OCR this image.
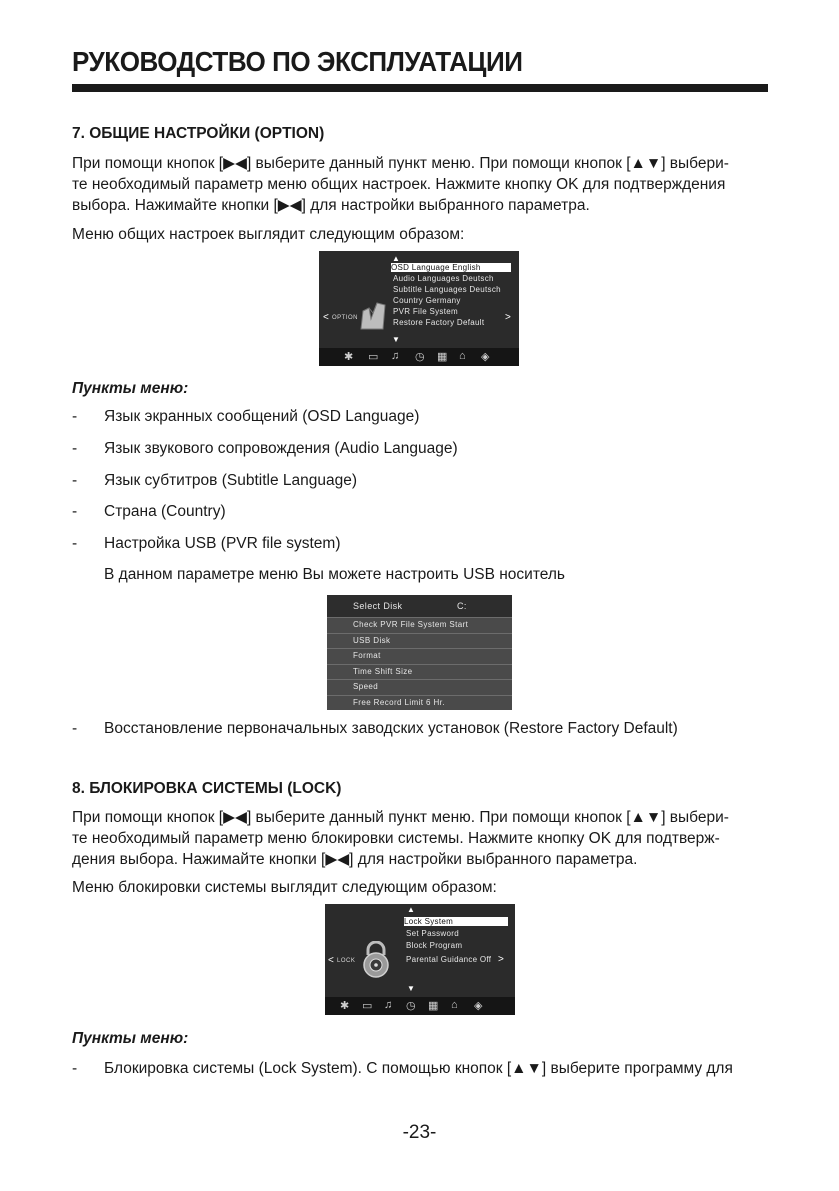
РУКОВОДСТВО ПО ЭКСПЛУАТАЦИИ
7. ОБЩИЕ НАСТРОЙКИ (OPTION)
При помощи кнопок [▶◀] выберите данный пункт меню. При помощи кнопок [▲▼] выбери-
те необходимый параметр меню общих настроек. Нажмите кнопку OK для подтверждения
выбора. Нажимайте кнопки [▶◀] для настройки выбранного параметра.
Меню общих настроек выглядит следующим образом:
▲
OSD Language English
Audio Languages Deutsch
Subtitle Languages Deutsch
Country Germany
PVR File System
Restore Factory Default
▼
< OPTION	>
✱ ▭ ♫ ◷ ▦ ⌂ ◈
Пункты меню:
- Язык экранных сообщений (OSD Language)
- Язык звукового сопровождения (Audio Language)
- Язык субтитров (Subtitle Language)
- Страна (Country)
- Настройка USB (PVR file system)
В данном параметре меню Вы можете настроить USB носитель
Select Disk	C:
Check PVR File System Start
USB Disk
Format
Time Shift Size
Speed
Free Record Limit 6 Hr.
- Восстановление первоначальных заводских установок (Restore Factory Default)
8. БЛОКИРОВКА СИСТЕМЫ (LOCK)
При помощи кнопок [▶◀] выберите данный пункт меню. При помощи кнопок [▲▼] выбери-
те необходимый параметр меню блокировки системы. Нажмите кнопку OK для подтверж-
дения выбора. Нажимайте кнопки [▶◀] для настройки выбранного параметра.
Меню блокировки системы выглядит следующим образом:
▲
Lock System
Set Password
Block Program
Parental Guidance Off
▼
< LOCK	>
✱ ▭ ♫ ◷ ▦ ⌂ ◈
Пункты меню:
- Блокировка системы (Lock System). С помощью кнопок [▲▼] выберите программу для
-23-
